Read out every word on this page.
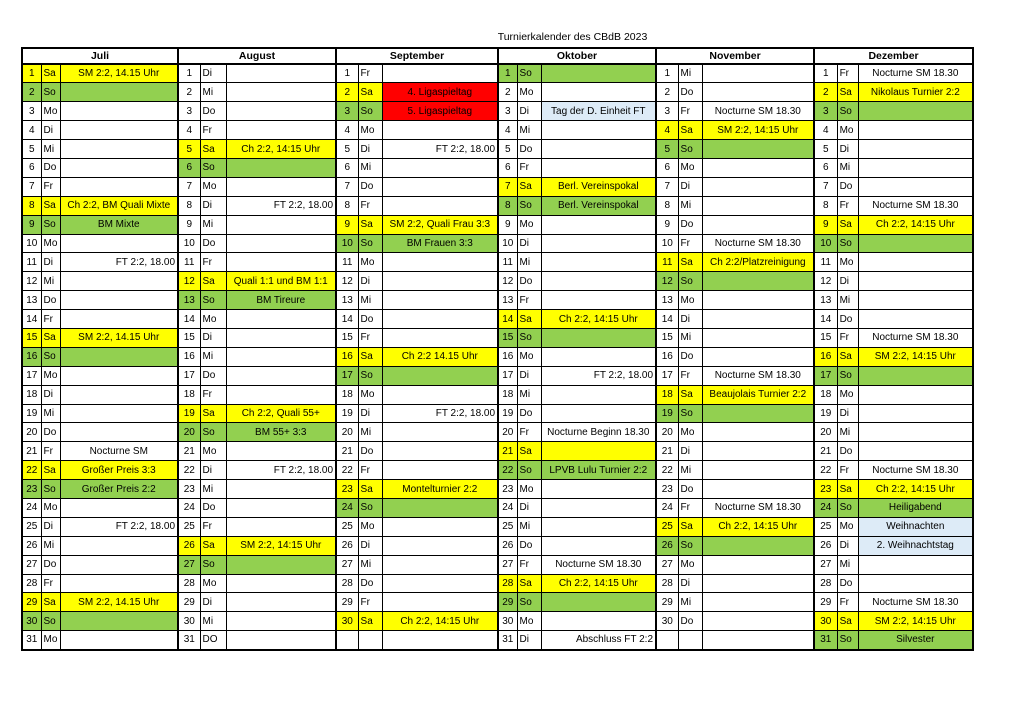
Turnierkalender des CBdB 2023
Juli			August			September			Oktober			November			Dezember		
1	Sa	SM 2:2, 14.15 Uhr	1	Di		1	Fr		1	So		1	Mi		1	Fr	Nocturne SM 18.30
2	So		2	Mi		2	Sa	4. Ligaspieltag	2	Mo		2	Do		2	Sa	Nikolaus Turnier 2:2
3	Mo		3	Do		3	So	5. Ligaspieltag	3	Di	Tag der D. Einheit FT	3	Fr	Nocturne SM 18.30	3	So	
4	Di		4	Fr		4	Mo		4	Mi		4	Sa	SM 2:2, 14:15 Uhr	4	Mo	
5	Mi		5	Sa	Ch 2:2, 14:15 Uhr	5	Di	FT 2:2, 18.00	5	Do		5	So		5	Di	
6	Do		6	So		6	Mi		6	Fr		6	Mo		6	Mi	
7	Fr		7	Mo		7	Do		7	Sa	Berl. Vereinspokal	7	Di		7	Do	
8	Sa	Ch 2:2, BM Quali Mixte	8	Di	FT 2:2, 18.00	8	Fr		8	So	Berl. Vereinspokal	8	Mi		8	Fr	Nocturne SM 18.30
9	So	BM Mixte	9	Mi		9	Sa	SM 2:2, Quali Frau 3:3	9	Mo		9	Do		9	Sa	Ch 2:2, 14:15 Uhr
10	Mo		10	Do		10	So	BM Frauen 3:3	10	Di		10	Fr	Nocturne SM 18.30	10	So	
11	Di	FT 2:2, 18.00	11	Fr		11	Mo		11	Mi		11	Sa	Ch 2:2/Platzreinigung	11	Mo	
12	Mi		12	Sa	Quali 1:1 und BM 1:1	12	Di		12	Do		12	So		12	Di	
13	Do		13	So	BM Tireure	13	Mi		13	Fr		13	Mo		13	Mi	
14	Fr		14	Mo		14	Do		14	Sa	Ch 2:2, 14:15 Uhr	14	Di		14	Do	
15	Sa	SM 2:2, 14.15 Uhr	15	Di		15	Fr		15	So		15	Mi		15	Fr	Nocturne SM 18.30
16	So		16	Mi		16	Sa	Ch 2:2 14.15 Uhr	16	Mo		16	Do		16	Sa	SM 2:2, 14:15 Uhr
17	Mo		17	Do		17	So		17	Di	FT 2:2, 18.00	17	Fr	Nocturne SM 18.30	17	So	
18	Di		18	Fr		18	Mo		18	Mi		18	Sa	Beaujolais Turnier 2:2	18	Mo	
19	Mi		19	Sa	Ch 2:2, Quali 55+	19	Di	FT 2:2, 18.00	19	Do		19	So		19	Di	
20	Do		20	So	BM 55+ 3:3	20	Mi		20	Fr	Nocturne Beginn 18.30	20	Mo		20	Mi	
21	Fr	Nocturne SM	21	Mo		21	Do		21	Sa		21	Di		21	Do	
22	Sa	Großer Preis 3:3	22	Di	FT 2:2, 18.00	22	Fr		22	So	LPVB Lulu Turnier 2:2	22	Mi		22	Fr	Nocturne SM 18.30
23	So	Großer Preis 2:2	23	Mi		23	Sa	Montelturnier 2:2	23	Mo		23	Do		23	Sa	Ch 2:2, 14:15 Uhr
24	Mo		24	Do		24	So		24	Di		24	Fr	Nocturne SM 18.30	24	So	Heiligabend
25	Di	FT 2:2, 18.00	25	Fr		25	Mo		25	Mi		25	Sa	Ch 2:2, 14:15 Uhr	25	Mo	Weihnachten
26	Mi		26	Sa	SM 2:2, 14:15 Uhr	26	Di		26	Do		26	So		26	Di	2. Weihnachtstag
27	Do		27	So		27	Mi		27	Fr	Nocturne SM 18.30	27	Mo		27	Mi	
28	Fr		28	Mo		28	Do		28	Sa	Ch 2:2, 14:15 Uhr	28	Di		28	Do	
29	Sa	SM 2:2, 14.15 Uhr	29	Di		29	Fr		29	So		29	Mi		29	Fr	Nocturne SM 18.30
30	So		30	Mi		30	Sa	Ch 2:2, 14:15 Uhr	30	Mo		30	Do		30	Sa	SM 2:2, 14:15 Uhr
31	Mo		31	DO					31	Di	Abschluss FT 2:2				31	So	Silvester
